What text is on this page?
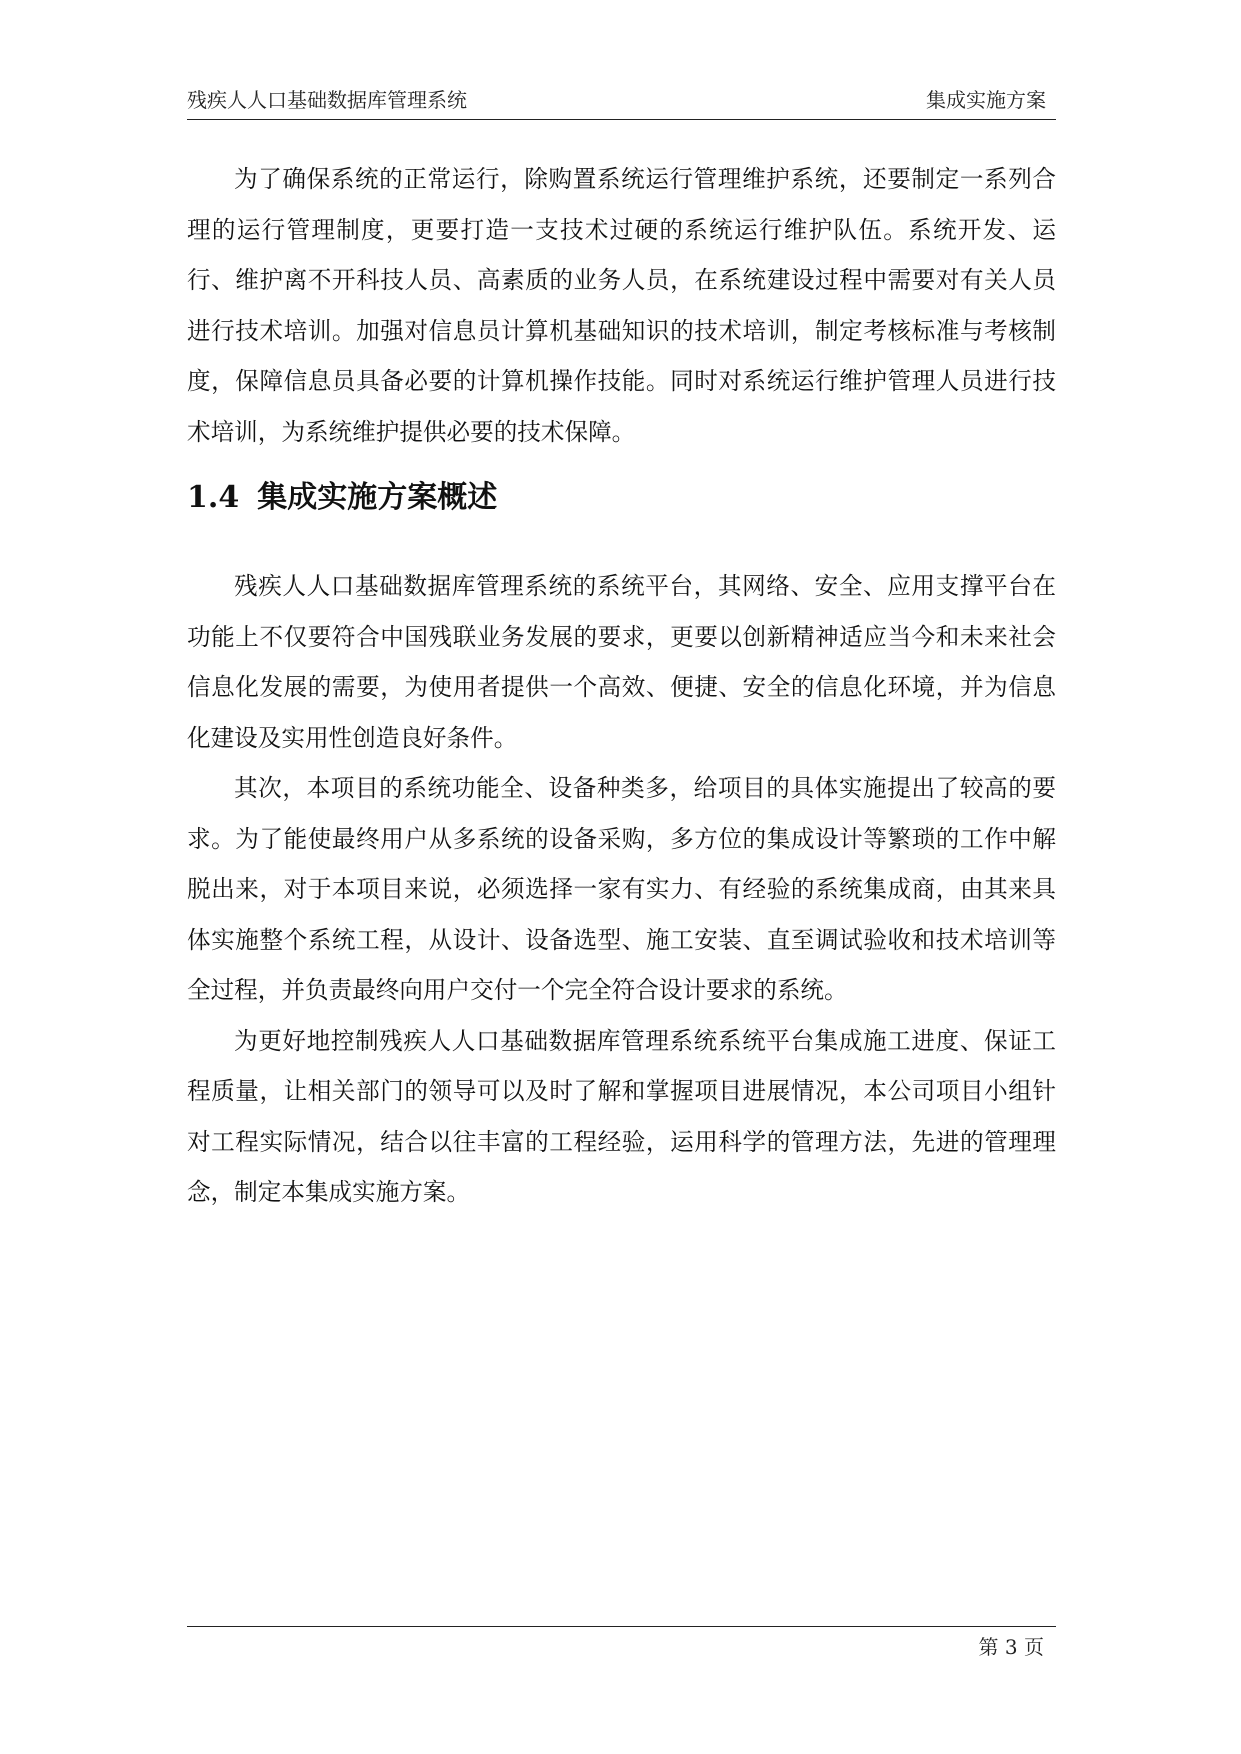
残疾人人口基础数据库管理系统	集成实施方案

为了确保系统的正常运行，除购置系统运行管理维护系统，还要制定一系列合理的运行管理制度，更要打造一支技术过硬的系统运行维护队伍。系统开发、运行、维护离不开科技人员、高素质的业务人员，在系统建设过程中需要对有关人员进行技术培训。加强对信息员计算机基础知识的技术培训，制定考核标准与考核制度，保障信息员具备必要的计算机操作技能。同时对系统运行维护管理人员进行技术培训，为系统维护提供必要的技术保障。

1.4 集成实施方案概述

残疾人人口基础数据库管理系统的系统平台，其网络、安全、应用支撑平台在功能上不仅要符合中国残联业务发展的要求，更要以创新精神适应当今和未来社会信息化发展的需要，为使用者提供一个高效、便捷、安全的信息化环境，并为信息化建设及实用性创造良好条件。

其次，本项目的系统功能全、设备种类多，给项目的具体实施提出了较高的要求。为了能使最终用户从多系统的设备采购，多方位的集成设计等繁琐的工作中解脱出来，对于本项目来说，必须选择一家有实力、有经验的系统集成商，由其来具体实施整个系统工程，从设计、设备选型、施工安装、直至调试验收和技术培训等全过程，并负责最终向用户交付一个完全符合设计要求的系统。

为更好地控制残疾人人口基础数据库管理系统系统平台集成施工进度、保证工程质量，让相关部门的领导可以及时了解和掌握项目进展情况，本公司项目小组针对工程实际情况，结合以往丰富的工程经验，运用科学的管理方法，先进的管理理念，制定本集成实施方案。

第 3 页
